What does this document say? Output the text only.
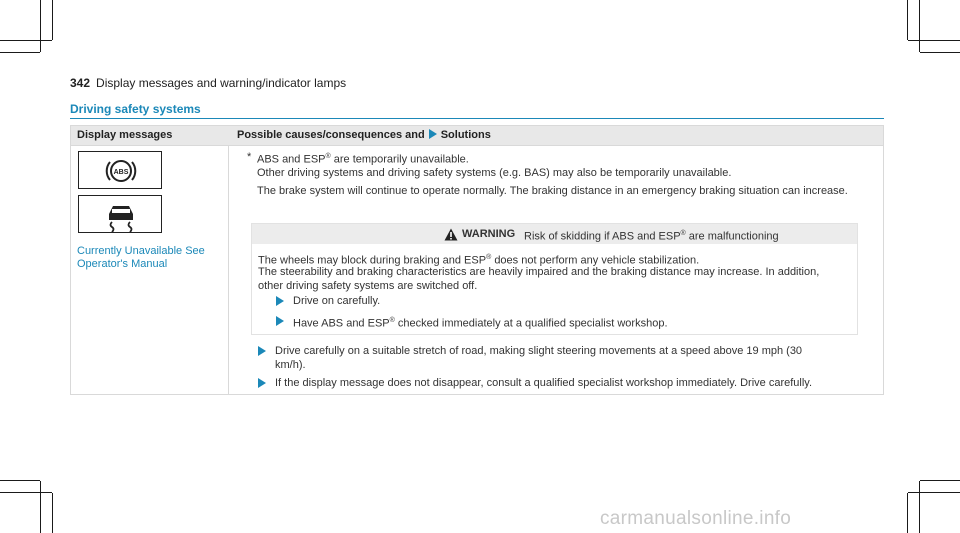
342 Display messages and warning/indicator lamps
Driving safety systems
Display messages	Possible causes/consequences and Solutions
ABS
Currently Unavailable See Operator's Manual
* ABS and ESP® are temporarily unavailable.
Other driving systems and driving safety systems (e.g. BAS) may also be temporarily unavailable.
The brake system will continue to operate normally. The braking distance in an emergency braking situation can increase.
WARNING Risk of skidding if ABS and ESP® are malfunctioning
The wheels may block during braking and ESP® does not perform any vehicle stabilization.
The steerability and braking characteristics are heavily impaired and the braking distance may increase. In addition, other driving safety systems are switched off.
Drive on carefully.
Have ABS and ESP® checked immediately at a qualified specialist workshop.
Drive carefully on a suitable stretch of road, making slight steering movements at a speed above 19 mph (30 km/h).
If the display message does not disappear, consult a qualified specialist workshop immediately. Drive carefully.
carmanualsonline.info
